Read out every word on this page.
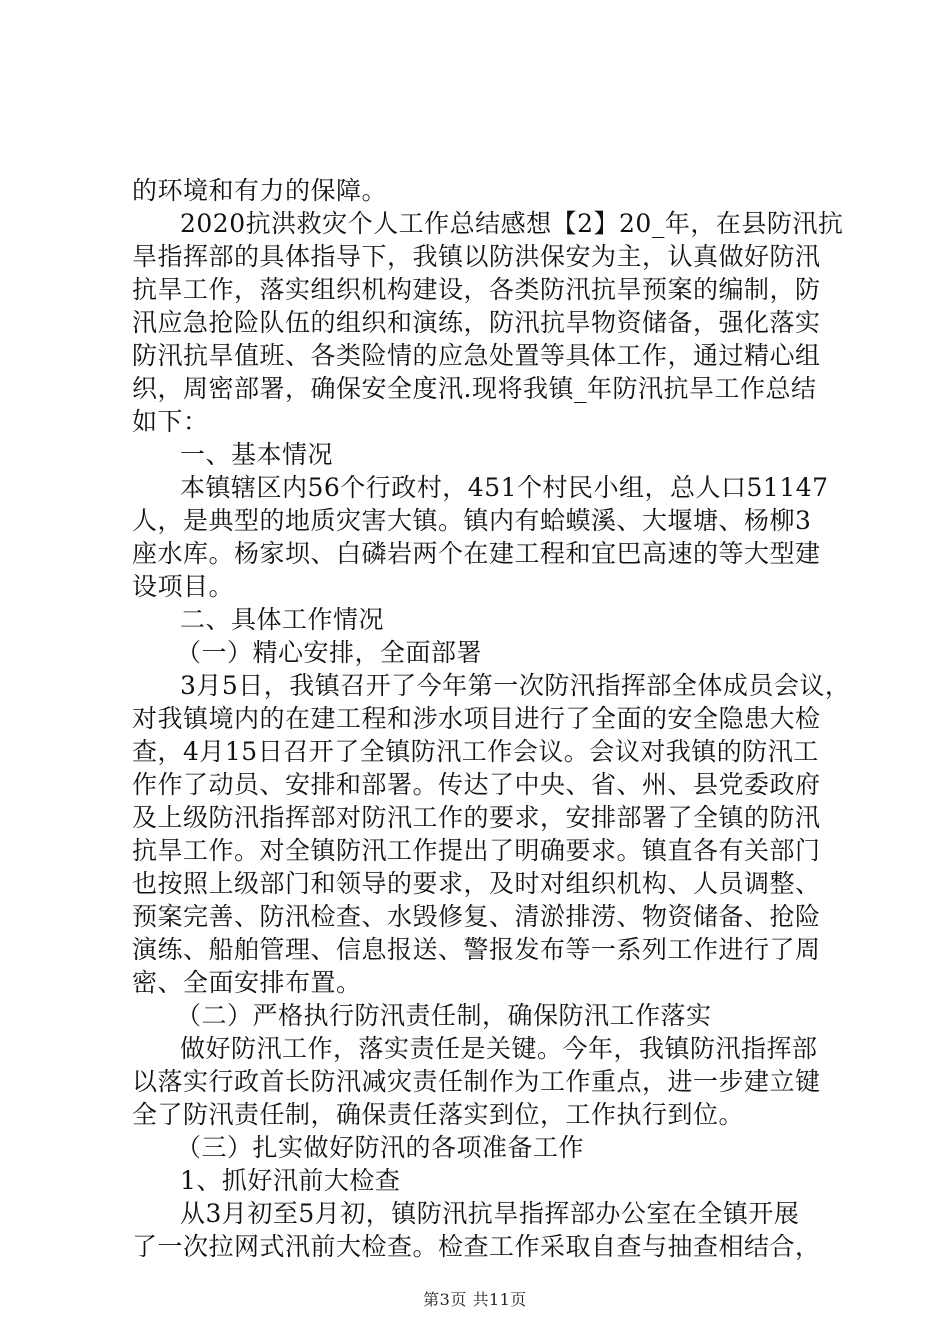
的环境和有力的保障。
2020抗洪救灾个人工作总结感想【2】20_年，在县防汛抗
旱指挥部的具体指导下，我镇以防洪保安为主，认真做好防汛
抗旱工作，落实组织机构建设，各类防汛抗旱预案的编制，防
汛应急抢险队伍的组织和演练，防汛抗旱物资储备，强化落实
防汛抗旱值班、各类险情的应急处置等具体工作，通过精心组
织，周密部署，确保安全度汛.现将我镇_年防汛抗旱工作总结
如下：
一、基本情况
本镇辖区内56个行政村，451个村民小组，总人口51147
人，是典型的地质灾害大镇。镇内有蛤蟆溪、大堰塘、杨柳3
座水库。杨家坝、白磷岩两个在建工程和宜巴高速的等大型建
设项目。
二、具体工作情况
（一）精心安排，全面部署
3月5日，我镇召开了今年第一次防汛指挥部全体成员会议，
对我镇境内的在建工程和涉水项目进行了全面的安全隐患大检
查，4月15日召开了全镇防汛工作会议。会议对我镇的防汛工
作作了动员、安排和部署。传达了中央、省、州、县党委政府
及上级防汛指挥部对防汛工作的要求，安排部署了全镇的防汛
抗旱工作。对全镇防汛工作提出了明确要求。镇直各有关部门
也按照上级部门和领导的要求，及时对组织机构、人员调整、
预案完善、防汛检查、水毁修复、清淤排涝、物资储备、抢险
演练、船舶管理、信息报送、警报发布等一系列工作进行了周
密、全面安排布置。
（二）严格执行防汛责任制，确保防汛工作落实
做好防汛工作，落实责任是关键。今年，我镇防汛指挥部
以落实行政首长防汛减灾责任制作为工作重点，进一步建立键
全了防汛责任制，确保责任落实到位，工作执行到位。
（三）扎实做好防汛的各项准备工作
1、抓好汛前大检查
从3月初至5月初，镇防汛抗旱指挥部办公室在全镇开展
了一次拉网式汛前大检查。检查工作采取自查与抽查相结合，
第3页 共11页
